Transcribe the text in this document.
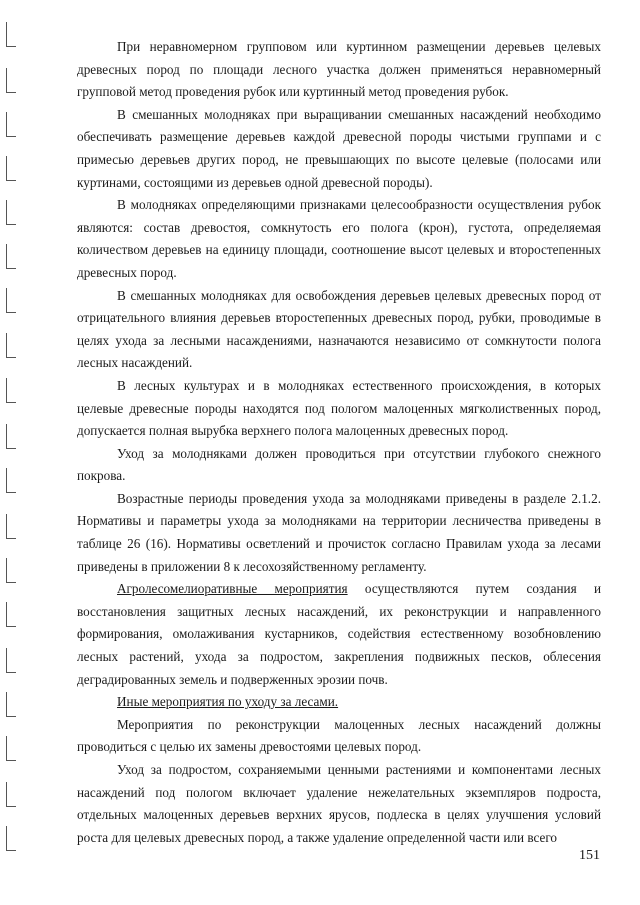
При неравномерном групповом или куртинном размещении деревьев целевых древесных пород по площади лесного участка должен применяться неравномерный групповой метод проведения рубок или куртинный метод проведения рубок.

В смешанных молодняках при выращивании смешанных насаждений необходимо обеспечивать размещение деревьев каждой древесной породы чистыми группами и с примесью деревьев других пород, не превышающих по высоте целевые (полосами или куртинами, состоящими из деревьев одной древесной породы).

В молодняках определяющими признаками целесообразности осуществления рубок являются: состав древостоя, сомкнутость его полога (крон), густота, определяемая количеством деревьев на единицу площади, соотношение высот целевых и второстепенных древесных пород.

В смешанных молодняках для освобождения деревьев целевых древесных пород от отрицательного влияния деревьев второстепенных древесных пород, рубки, проводимые в целях ухода за лесными насаждениями, назначаются независимо от сомкнутости полога лесных насаждений.

В лесных культурах и в молодняках естественного происхождения, в которых целевые древесные породы находятся под пологом малоценных мягколиственных пород, допускается полная вырубка верхнего полога малоценных древесных пород.

Уход за молодняками должен проводиться при отсутствии глубокого снежного покрова.

Возрастные периоды проведения ухода за молодняками приведены в разделе 2.1.2. Нормативы и параметры ухода за молодняками на территории лесничества приведены в таблице 26 (16). Нормативы осветлений и прочисток согласно Правилам ухода за лесами приведены в приложении 8 к лесохозяйственному регламенту.

Агролесомелиоративные мероприятия осуществляются путем создания и восстановления защитных лесных насаждений, их реконструкции и направленного формирования, омолаживания кустарников, содействия естественному возобновлению лесных растений, ухода за подростом, закрепления подвижных песков, облесения деградированных земель и подверженных эрозии почв.

Иные мероприятия по уходу за лесами.

Мероприятия по реконструкции малоценных лесных насаждений должны проводиться с целью их замены древостоями целевых пород.

Уход за подростом, сохраняемыми ценными растениями и компонентами лесных насаждений под пологом включает удаление нежелательных экземпляров подроста, отдельных малоценных деревьев верхних ярусов, подлеска в целях улучшения условий роста для целевых древесных пород, а также удаление определенной части или всего

151
